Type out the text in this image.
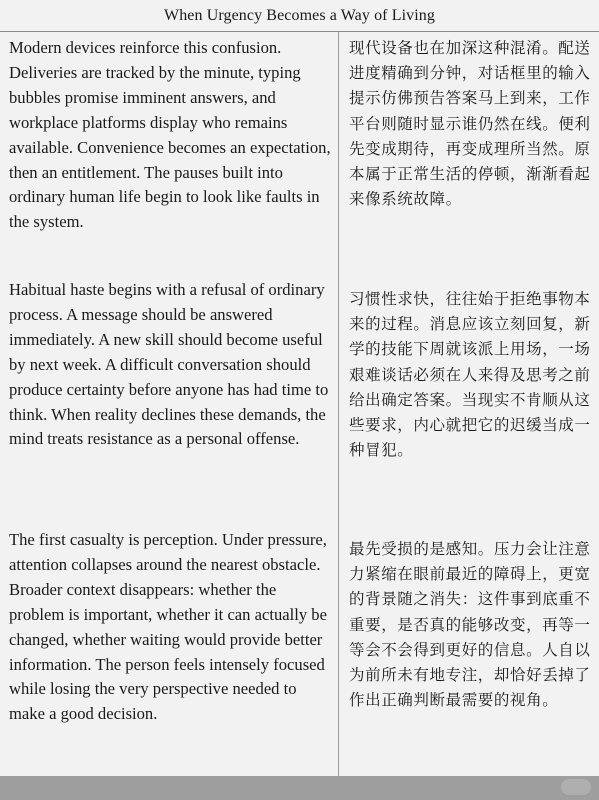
When Urgency Becomes a Way of Living

Modern devices reinforce this confusion. Deliveries are tracked by the minute, typing bubbles promise imminent answers, and workplace platforms display who remains available. Convenience becomes an expectation, then an entitlement. The pauses built into ordinary human life begin to look like faults in the system.

现代设备也在加深这种混淆。配送进度精确到分钟，对话框里的输入提示仿佛预告答案马上到来，工作平台则随时显示谁仍然在线。便利先变成期待，再变成理所当然。原本属于正常生活的停顿，渐渐看起来像系统故障。

Habitual haste begins with a refusal of ordinary process. A message should be answered immediately. A new skill should become useful by next week. A difficult conversation should produce certainty before anyone has had time to think. When reality declines these demands, the mind treats resistance as a personal offense.

习惯性求快，往往始于拒绝事物本来的过程。消息应该立刻回复，新学的技能下周就该派上用场，一场艰难谈话必须在人来得及思考之前给出确定答案。当现实不肯顺从这些要求，内心就把它的迟缓当成一种冒犯。

The first casualty is perception. Under pressure, attention collapses around the nearest obstacle. Broader context disappears: whether the problem is important, whether it can actually be changed, whether waiting would provide better information. The person feels intensely focused while losing the very perspective needed to make a good decision.

最先受损的是感知。压力会让注意力紧缩在眼前最近的障碍上，更宽的背景随之消失：这件事到底重不重要，是否真的能够改变，再等一等会不会得到更好的信息。人自以为前所未有地专注，却恰好丢掉了作出正确判断最需要的视角。
